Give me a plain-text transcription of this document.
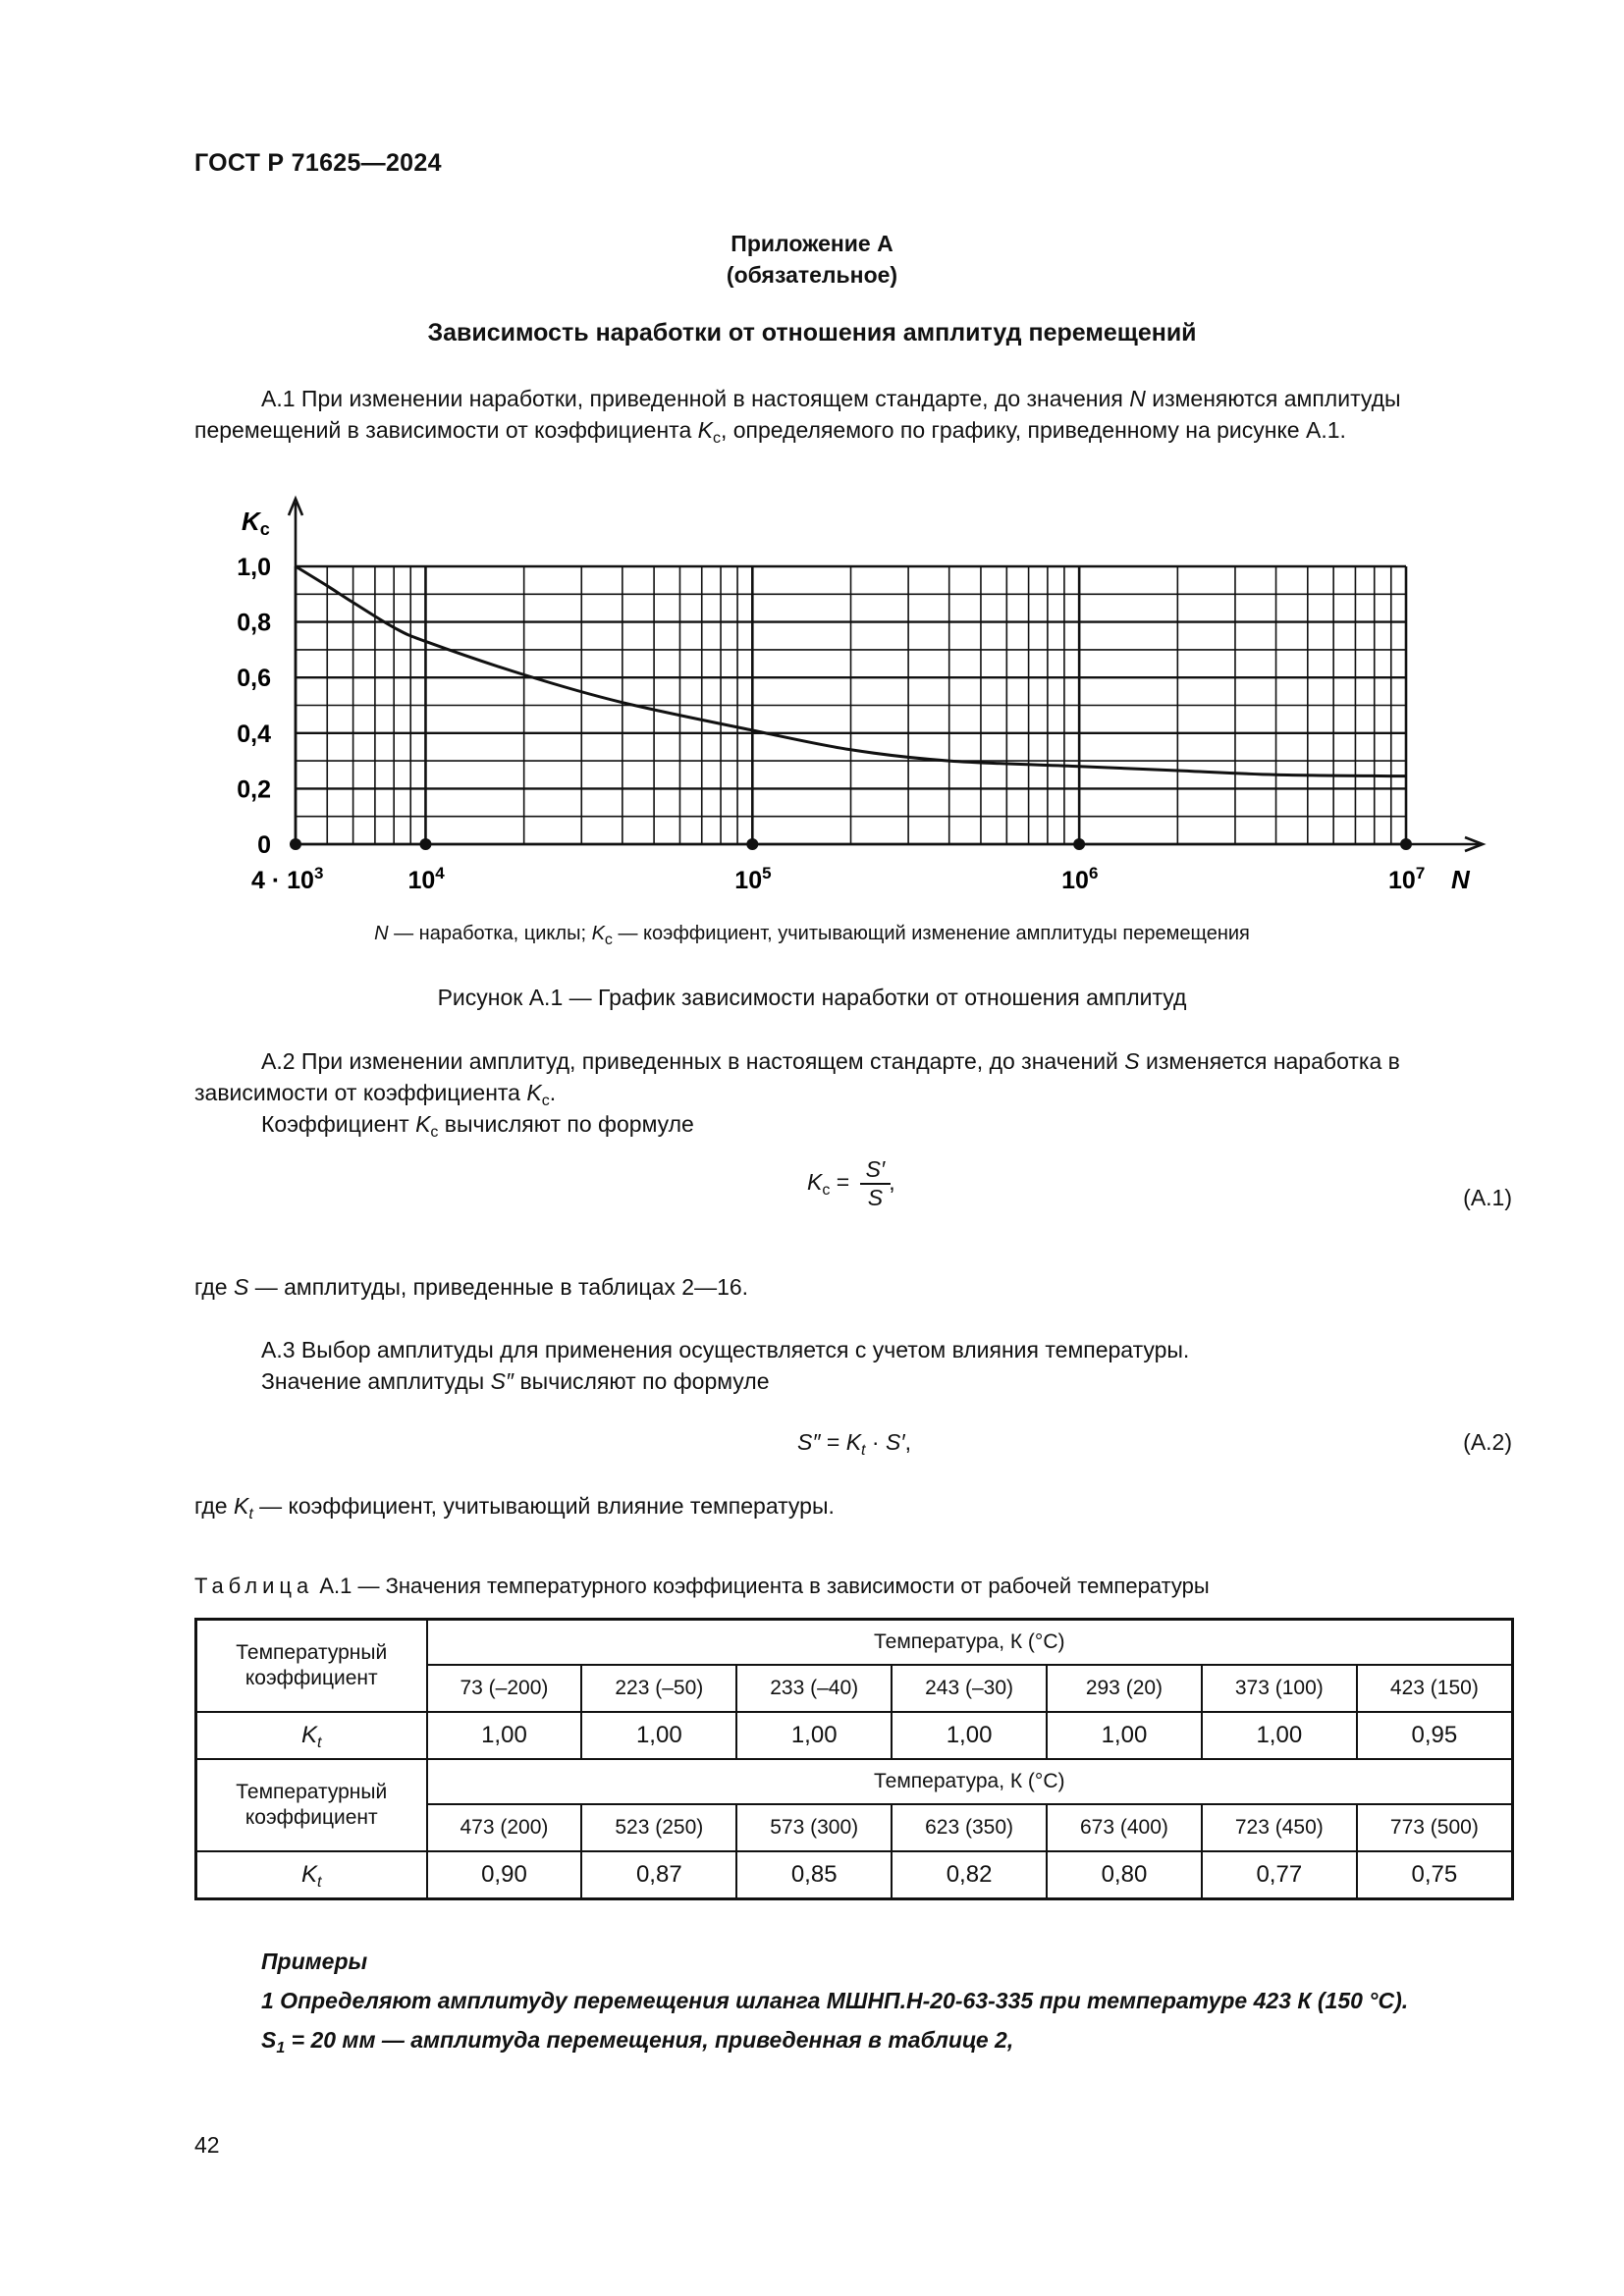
ГОСТ Р 71625—2024
Приложение А
(обязательное)
Зависимость наработки от отношения амплитуд перемещений
А.1 При изменении наработки, приведенной в настоящем стандарте, до значения N изменяются амплитуды
перемещений в зависимости от коэффициента $K_c$, определяемого по графику, приведенному на рисунке А.1.
1,0
0,8
0,6
0,4
0,2
0
$4 \cdot 10^3$	$10^4$	$10^5$	$10^6$	$10^7$
Kc
N
N — наработка, циклы; $K_c$ — коэффициент, учитывающий изменение амплитуды перемещения
Рисунок А.1 — График зависимости наработки от отношения амплитуд
А.2 При изменении амплитуд, приведенных в настоящем стандарте, до значений S изменяется наработка в
зависимости от коэффициента $K_c$.
Коэффициент $K_c$ вычисляют по формуле
$K_c = \frac{S'}{S}$
,
(А.1)
где S — амплитуды, приведенные в таблицах 2—16.
А.3 Выбор амплитуды для применения осуществляется с учетом влияния температуры.
Значение амплитуды S″ вычисляют по формуле
$S'' = K_t \cdot S'$,	(А.2)
где $K_t$ — коэффициент, учитывающий влияние температуры.
Таблица А.1 — Значения температурного коэффициента в зависимости от рабочей температуры
Температурный коэффициент	Температура, К (°С)						
	73 (–200)	223 (–50)	233 (–40)	243 (–30)	293 (20)	373 (100)	423 (150)
$K_t$	1,00	1,00	1,00	1,00	1,00	1,00	0,95
Температурный коэффициент	Температура, К (°С)						
	473 (200)	523 (250)	573 (300)	623 (350)	673 (400)	723 (450)	773 (500)
$K_t$	0,90	0,87	0,85	0,82	0,80	0,77	0,75
Примеры
1 Определяют амплитуду перемещения шланга МШНП.Н-20-63-335 при температуре 423 К (150 °С).
$S_1 = 20$ мм — амплитуда перемещения, приведенная в таблице 2,
42
